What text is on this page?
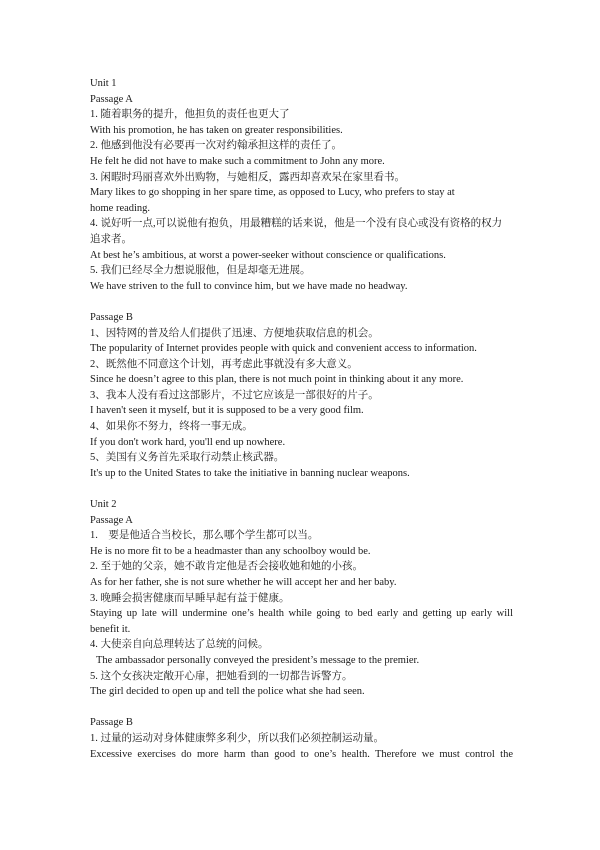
Unit 1
Passage A
1. 随着职务的提升，他担负的责任也更大了
With his promotion, he has taken on greater responsibilities.
2. 他感到他没有必要再一次对约翰承担这样的责任了。
He felt he did not have to make such a commitment to John any more.
3. 闲暇时玛丽喜欢外出购物，与她相反，露西却喜欢呆在家里看书。
Mary likes to go shopping in her spare time, as opposed to Lucy, who prefers to stay at
home reading.
4. 说好听一点,可以说他有抱负，用最糟糕的话来说，他是一个没有良心或没有资格的权力
追求者。
At best he’s ambitious, at worst a power-seeker without conscience or qualifications.
5. 我们已经尽全力想说服他，但是却毫无进展。
We have striven to the full to convince him, but we have made no headway.
Passage B
1、因特网的普及给人们提供了迅速、方便地获取信息的机会。
The popularity of Internet provides people with quick and convenient access to information.
2、既然他不同意这个计划，再考虑此事就没有多大意义。
Since he doesn’t agree to this plan, there is not much point in thinking about it any more.
3、我本人没有看过这部影片，不过它应该是一部很好的片子。
I haven't seen it myself, but it is supposed to be a very good film.
4、如果你不努力，终将一事无成。
If you don't work hard, you'll end up nowhere.
5、美国有义务首先采取行动禁止核武器。
It's up to the United States to take the initiative in banning nuclear weapons.
Unit 2
Passage A
1.　要是他适合当校长，那么哪个学生都可以当。
He is no more fit to be a headmaster than any schoolboy would be.
2. 至于她的父亲，她不敢肯定他是否会接收她和她的小孩。
As for her father, she is not sure whether he will accept her and her baby.
3. 晚睡会损害健康而早睡早起有益于健康。
Staying up late will undermine one’s health while going to bed early and getting up early will
benefit it.
4. 大使亲自向总理转达了总统的问候。
The ambassador personally conveyed the president’s message to the premier.
5. 这个女孩决定敞开心扉，把她看到的一切都告诉警方。
The girl decided to open up and tell the police what she had seen.
Passage B
1. 过量的运动对身体健康弊多利少，所以我们必须控制运动量。
Excessive exercises do more harm than good to one’s health. Therefore we must control the
